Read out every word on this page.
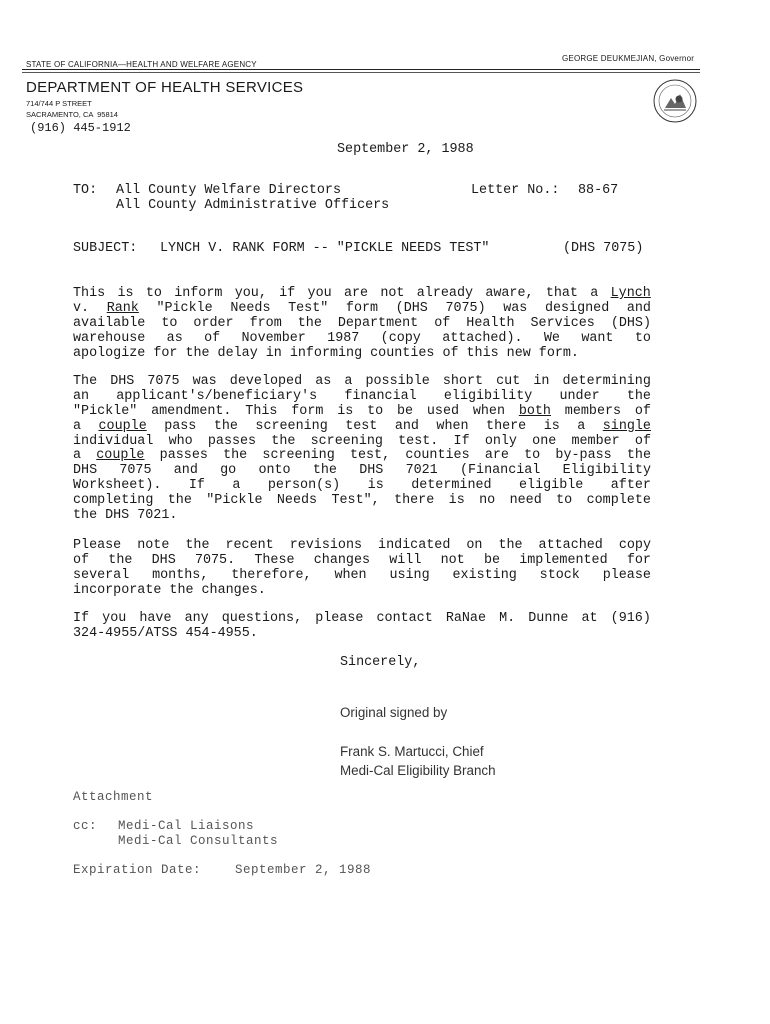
GEORGE DEUKMEJIAN, Governor
STATE OF CALIFORNIA—HEALTH AND WELFARE AGENCY
DEPARTMENT OF HEALTH SERVICES
714/744 P STREET
SACRAMENTO, CA  95814
(916) 445-1912
September 2, 1988
TO: All County Welfare Directors
All County Administrative Officers
Letter No.: 88-67
SUBJECT: LYNCH V. RANK FORM -- "PICKLE NEEDS TEST"	(DHS 7075)
This is to inform you, if you are not already aware, that a Lynch
v. Rank "Pickle Needs Test" form (DHS 7075) was designed and
available to order from the Department of Health Services (DHS)
warehouse as of November 1987 (copy attached). We want to
apologize for the delay in informing counties of this new form.
The DHS 7075 was developed as a possible short cut in determining
an applicant's/beneficiary's financial eligibility under the
"Pickle" amendment. This form is to be used when both members of
a couple pass the screening test and when there is a single
individual who passes the screening test. If only one member of
a couple passes the screening test, counties are to by-pass the
DHS 7075 and go onto the DHS 7021 (Financial Eligibility
Worksheet). If a person(s) is determined eligible after
completing the "Pickle Needs Test", there is no need to complete
the DHS 7021.
Please note the recent revisions indicated on the attached copy
of the DHS 7075. These changes will not be implemented for
several months, therefore, when using existing stock please
incorporate the changes.
If you have any questions, please contact RaNae M. Dunne at (916)
324-4955/ATSS 454-4955.
Sincerely,
Original signed by
Frank S. Martucci, Chief
Medi-Cal Eligibility Branch
Attachment
cc: Medi-Cal Liaisons
Medi-Cal Consultants
Expiration Date:	September 2, 1988
